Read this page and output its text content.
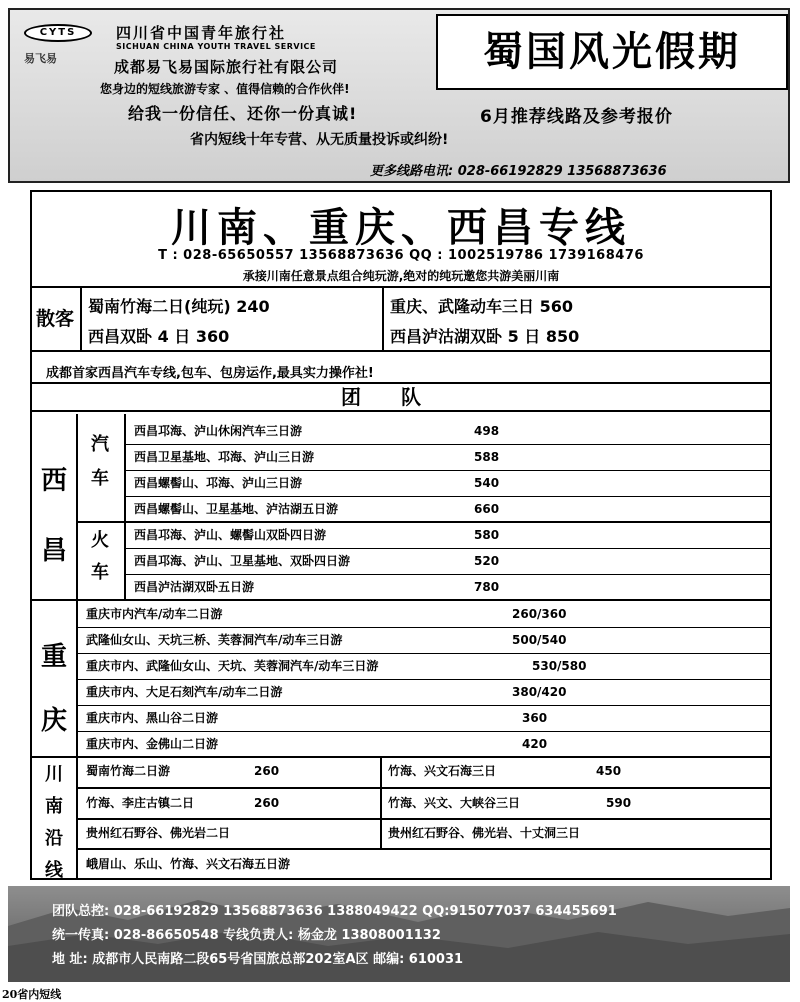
CYTS
易飞易
四川省中国青年旅行社
SICHUAN CHINA YOUTH TRAVEL SERVICE
成都易飞易国际旅行社有限公司
您身边的短线旅游专家 、值得信赖的合作伙伴!
给我一份信任、还你一份真诚!
蜀国风光假期
6月推荐线路及参考报价
省内短线十年专营、从无质量投诉或纠纷!
更多线路电讯: 028-66192829 13568873636
川南、重庆、西昌专线
T : 028-65650557 13568873636 QQ : 1002519786 1739168476
承接川南任意景点组合纯玩游,绝对的纯玩邀您共游美丽川南
散客
蜀南竹海二日(纯玩) 240	重庆、武隆动车三日 560
西昌双卧 4 日 360	西昌泸沽湖双卧 5 日 850
成都首家西昌汽车专线,包车、包房运作,最具实力操作社!
团队
西
昌
汽
车
火
车
西昌邛海、泸山休闲汽车三日游	498
西昌卫星基地、邛海、泸山三日游	588
西昌螺髻山、邛海、泸山三日游	540
西昌螺髻山、卫星基地、泸沽湖五日游	660
西昌邛海、泸山、螺髻山双卧四日游	580
西昌邛海、泸山、卫星基地、双卧四日游	520
西昌泸沽湖双卧五日游	780
重
庆
重庆市内汽车/动车二日游	260/360
武隆仙女山、天坑三桥、芙蓉洞汽车/动车三日游	500/540
重庆市内、武隆仙女山、天坑、芙蓉洞汽车/动车三日游	530/580
重庆市内、大足石刻汽车/动车二日游	380/420
重庆市内、黑山谷二日游	360
重庆市内、金佛山二日游	420
川
南
沿
线
蜀南竹海二日游	260	竹海、兴文石海三日	450
竹海、李庄古镇二日	260	竹海、兴文、大峡谷三日	590
贵州红石野谷、佛光岩二日	贵州红石野谷、佛光岩、十丈洞三日
峨眉山、乐山、竹海、兴文石海五日游
团队总控: 028-66192829 13568873636 1388049422 QQ:915077037 634455691
统一传真: 028-86650548 专线负责人: 杨金龙 13808001132
地 址: 成都市人民南路二段65号省国旅总部202室A区 邮编: 610031
20省内短线
